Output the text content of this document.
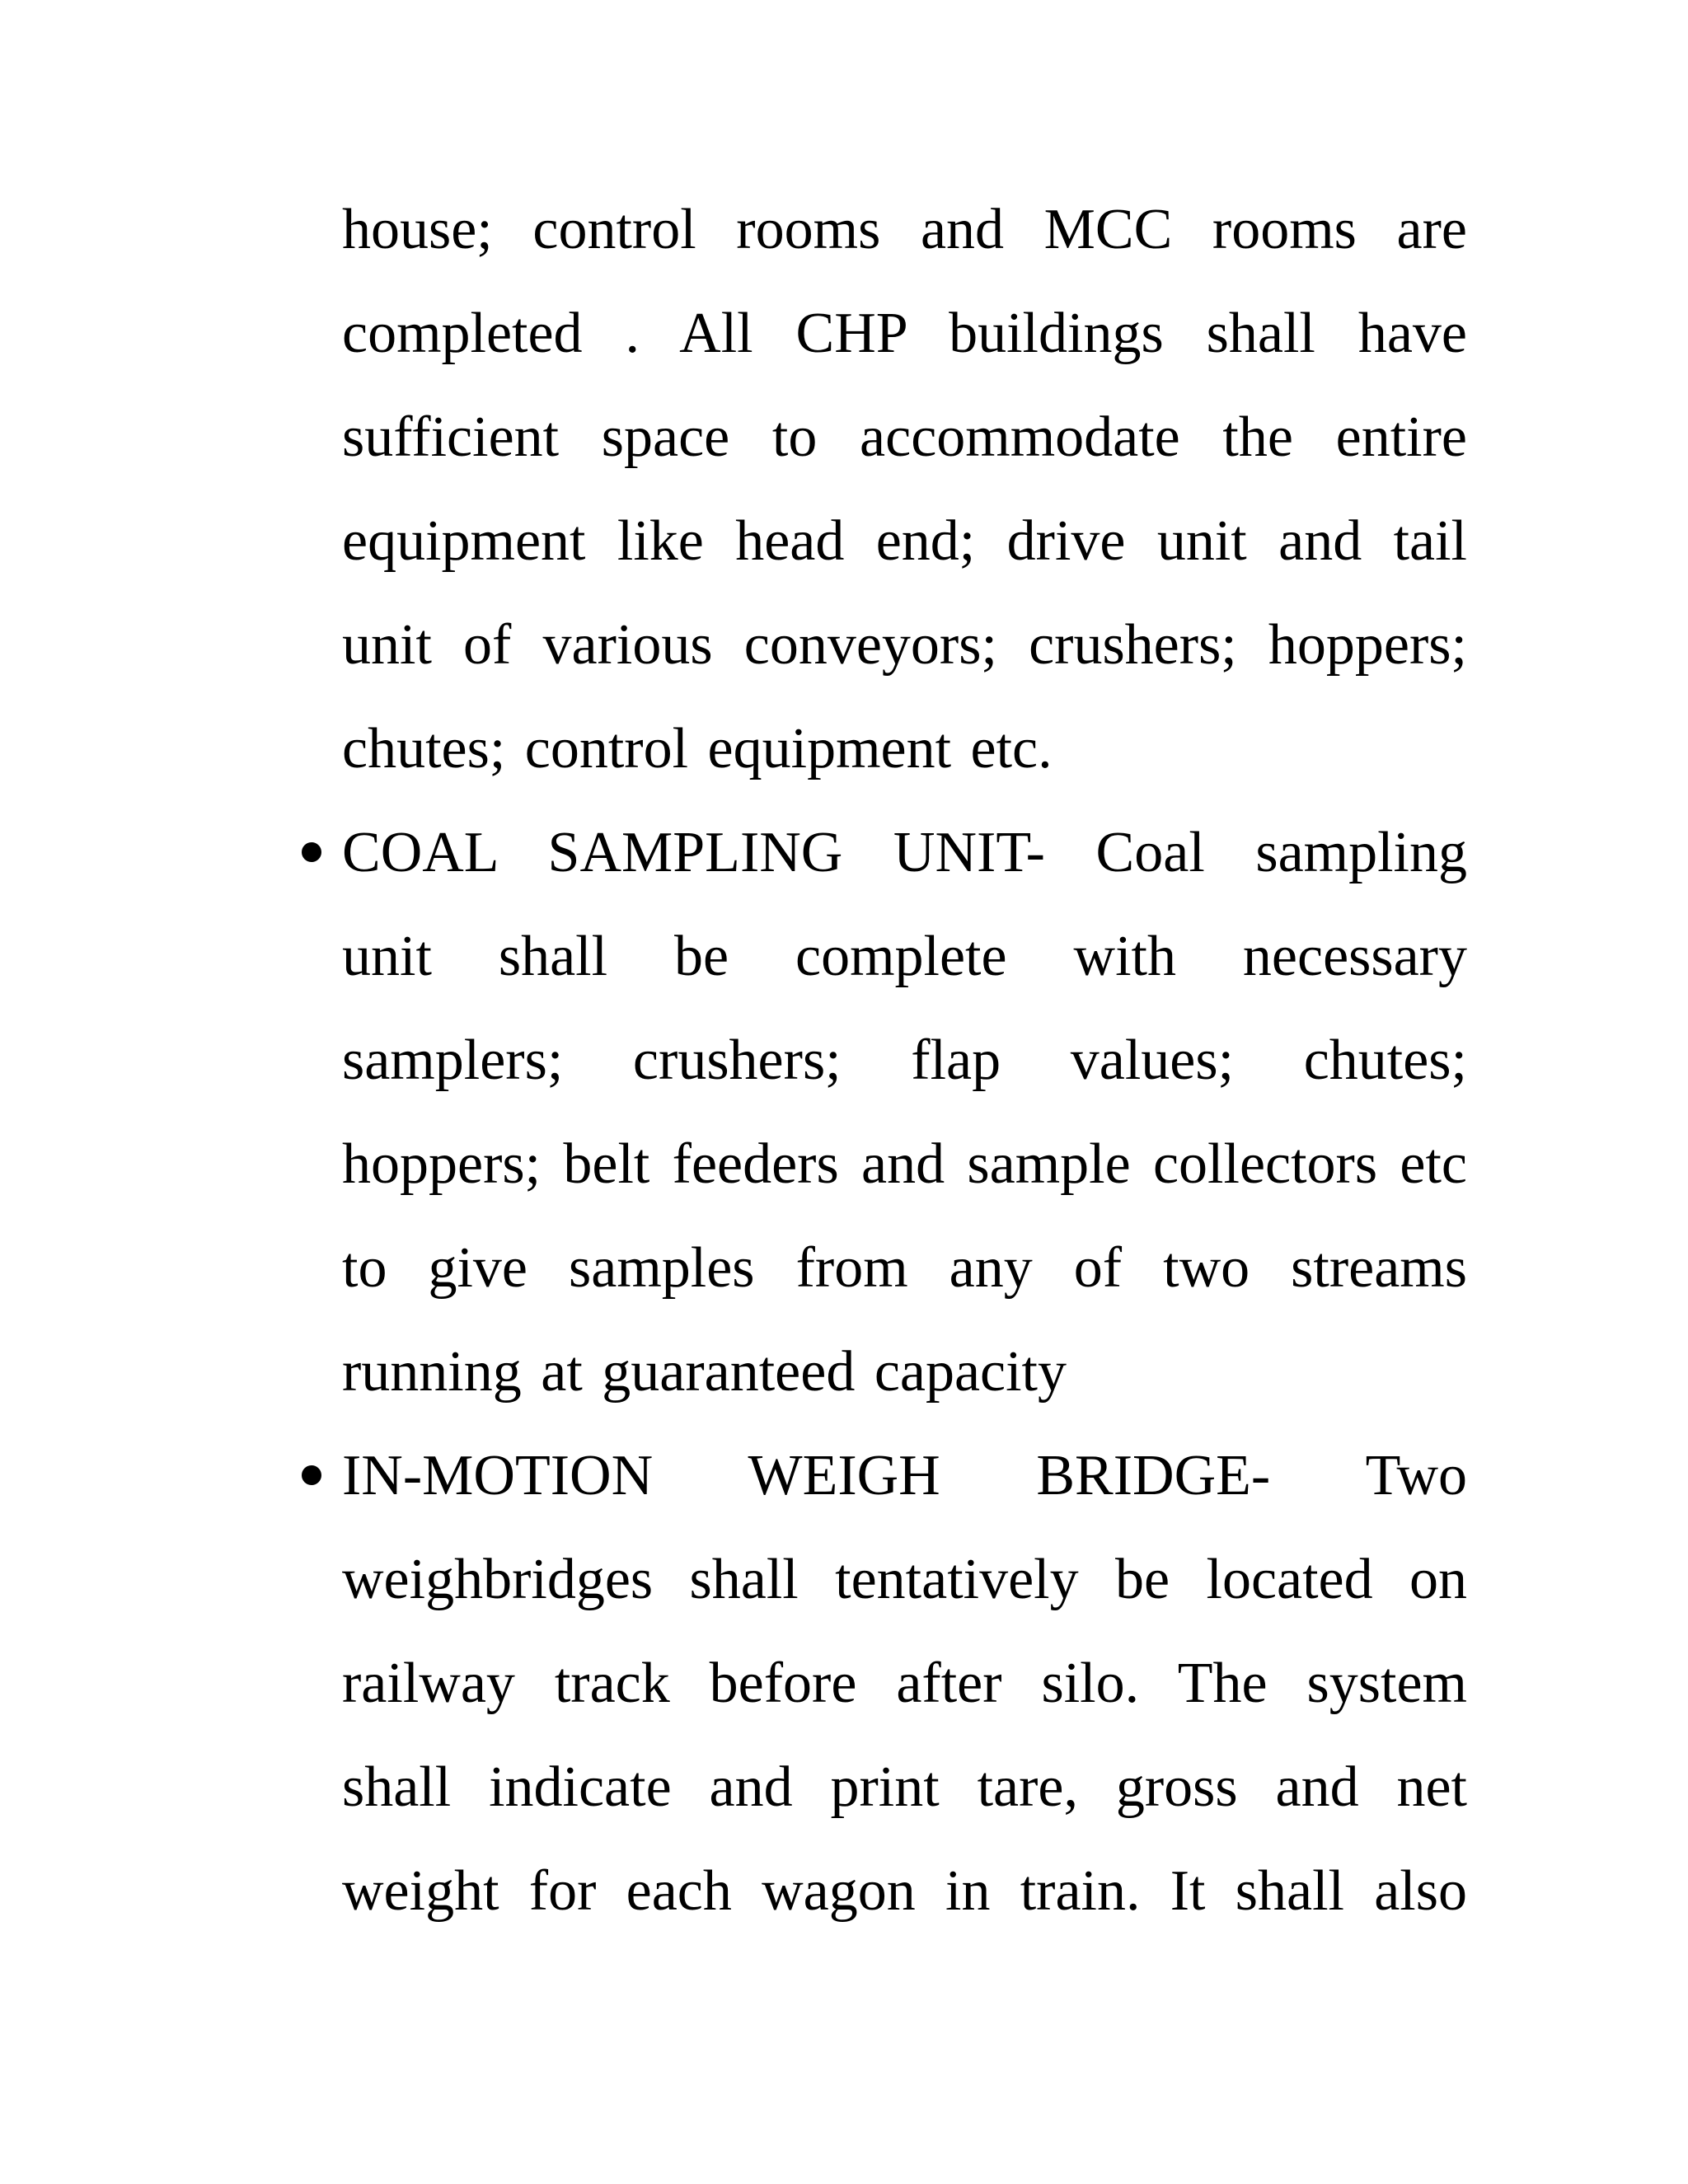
house; control rooms and MCC rooms are
completed . All CHP buildings shall have
sufficient space to accommodate the entire
equipment like head end; drive unit and tail
unit of various conveyors; crushers; hoppers;
chutes; control equipment etc.
COAL SAMPLING UNIT- Coal sampling
unit shall be complete with necessary
samplers; crushers; flap values; chutes;
hoppers; belt feeders and sample collectors etc
to give samples from any of two streams
running at guaranteed capacity
IN-MOTION WEIGH BRIDGE- Two
weighbridges shall tentatively be located on
railway track before after silo. The system
shall indicate and print tare, gross and net
weight for each wagon in train. It shall also
